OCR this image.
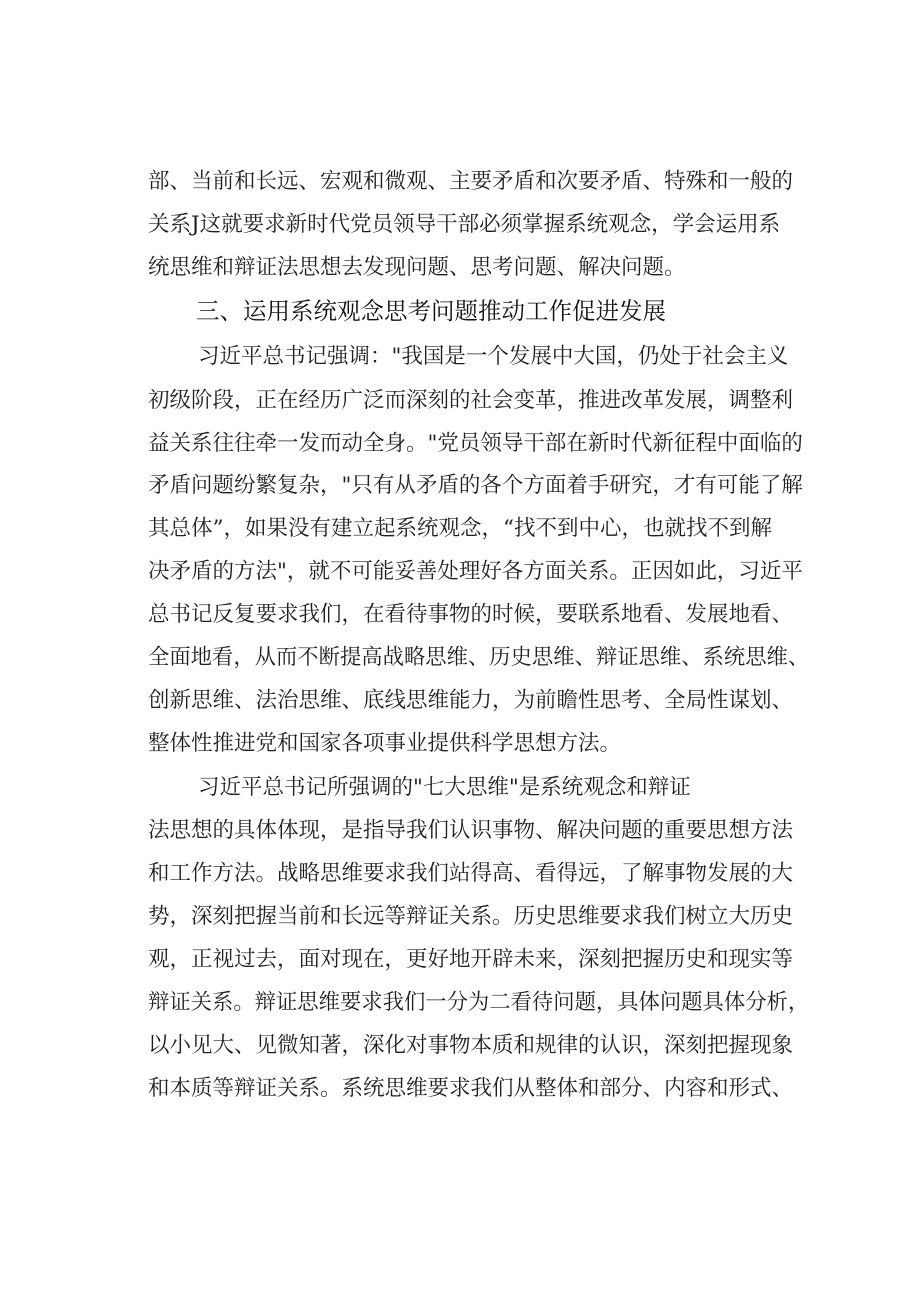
部、当前和长远、宏观和微观、主要矛盾和次要矛盾、特殊和一般的
关系J这就要求新时代党员领导干部必须掌握系统观念，学会运用系
统思维和辩证法思想去发现问题、思考问题、解决问题。
三、运用系统观念思考问题推动工作促进发展
习近平总书记强调："我国是一个发展中大国，仍处于社会主义
初级阶段，正在经历广泛而深刻的社会变革，推进改革发展，调整利
益关系往往牵一发而动全身。"党员领导干部在新时代新征程中面临的
矛盾问题纷繁复杂，"只有从矛盾的各个方面着手研究，才有可能了解
其总体”，如果没有建立起系统观念，“找不到中心，也就找不到解
决矛盾的方法"，就不可能妥善处理好各方面关系。正因如此，习近平
总书记反复要求我们，在看待事物的时候，要联系地看、发展地看、
全面地看，从而不断提高战略思维、历史思维、辩证思维、系统思维、
创新思维、法治思维、底线思维能力，为前瞻性思考、全局性谋划、
整体性推进党和国家各项事业提供科学思想方法。
习近平总书记所强调的"七大思维"是系统观念和辩证
法思想的具体体现，是指导我们认识事物、解决问题的重要思想方法
和工作方法。战略思维要求我们站得高、看得远，了解事物发展的大
势，深刻把握当前和长远等辩证关系。历史思维要求我们树立大历史
观，正视过去，面对现在，更好地开辟未来，深刻把握历史和现实等
辩证关系。辩证思维要求我们一分为二看待问题，具体问题具体分析，
以小见大、见微知著，深化对事物本质和规律的认识，深刻把握现象
和本质等辩证关系。系统思维要求我们从整体和部分、内容和形式、
